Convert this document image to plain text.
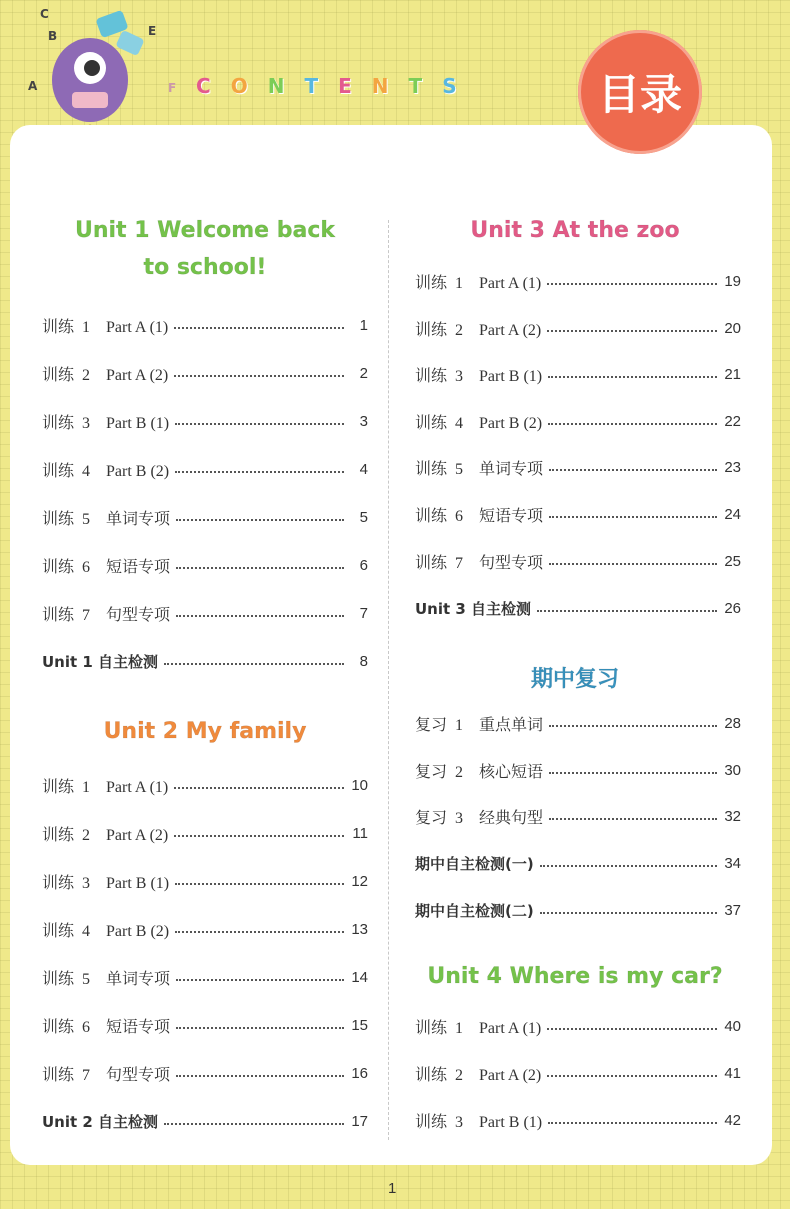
B
C
A
E
F C O N T E N T S	目录
Unit 1 Welcome back
to school!
Unit 2 My family
Unit 3 At the zoo
期中复习
Unit 4 Where is my car?
训练 1 Part A (1)	1
训练 2 Part A (2)	2
训练 3 Part B (1)	3
训练 4 Part B (2)	4
训练 5 单词专项	5
训练 6 短语专项	6
训练 7 句型专项	7
Unit 1 自主检测	8
训练 1 Part A (1)	10
训练 2 Part A (2)	11
训练 3 Part B (1)	12
训练 4 Part B (2)	13
训练 5 单词专项	14
训练 6 短语专项	15
训练 7 句型专项	16
Unit 2 自主检测	17
训练 1 Part A (1)	19
训练 2 Part A (2)	20
训练 3 Part B (1)	21
训练 4 Part B (2)	22
训练 5 单词专项	23
训练 6 短语专项	24
训练 7 句型专项	25
Unit 3 自主检测	26
复习 1 重点单词	28
复习 2 核心短语	30
复习 3 经典句型	32
期中自主检测(一)	34
期中自主检测(二)	37
训练 1 Part A (1)	40
训练 2 Part A (2)	41
训练 3 Part B (1)	42
1
